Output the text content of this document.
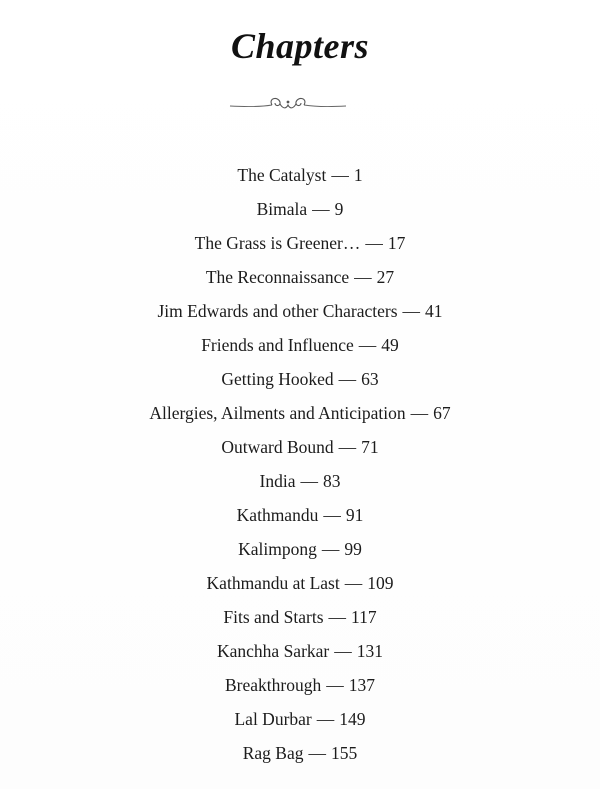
Chapters
The Catalyst — 1
Bimala — 9
The Grass is Greener… — 17
The Reconnaissance — 27
Jim Edwards and other Characters — 41
Friends and Influence — 49
Getting Hooked — 63
Allergies, Ailments and Anticipation — 67
Outward Bound — 71
India — 83
Kathmandu — 91
Kalimpong — 99
Kathmandu at Last — 109
Fits and Starts — 117
Kanchha Sarkar — 131
Breakthrough — 137
Lal Durbar — 149
Rag Bag — 155
